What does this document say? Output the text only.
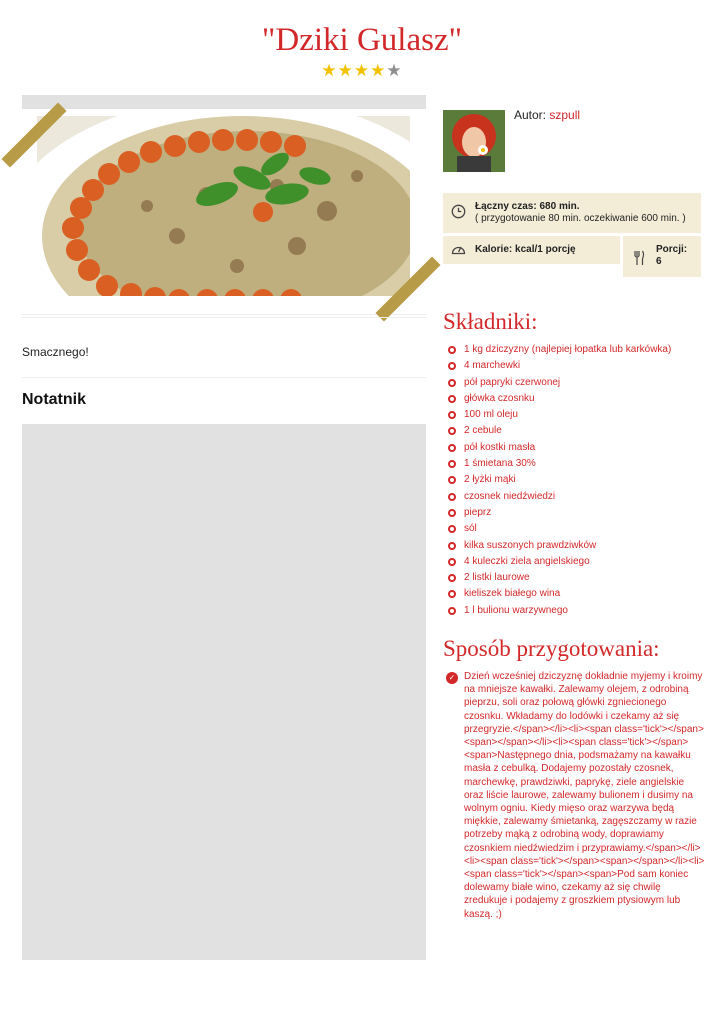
"Dziki Gulasz"
★★★★★
Smacznego!
Notatnik
Autor: szpull
Łączny czas: 680 min.
( przygotowanie 80 min. oczekiwanie 600 min. )
Kalorie: kcal/1 porcję	Porcji:
6
Składniki:
1 kg dziczyzny (najlepiej łopatka lub karkówka)
4 marchewki
pół papryki czerwonej
główka czosnku
100 ml oleju
2 cebule
pół kostki masła
1 śmietana 30%
2 łyżki mąki
czosnek niedźwiedzi
pieprz
sól
kilka suszonych prawdziwków
4 kuleczki ziela angielskiego
2 listki laurowe
kieliszek białego wina
1 l bulionu warzywnego
Sposób przygotowania:
✓ Dzień wcześniej dziczyznę dokładnie myjemy i kroimy na mniejsze kawałki. Zalewamy olejem, z odrobiną pieprzu, soli oraz połową główki zgniecionego czosnku. Wkładamy do lodówki i czekamy aż się przegryzie.</span></li><li><span class='tick'></span><span></span></li><li><span class='tick'></span><span>Następnego dnia, podsmażamy na kawałku masła z cebulką. Dodajemy pozostały czosnek, marchewkę, prawdziwki, paprykę, ziele angielskie oraz liście laurowe, zalewamy bulionem i dusimy na wolnym ogniu. Kiedy mięso oraz warzywa będą miękkie, zalewamy śmietanką, zagęszczamy w razie potrzeby mąką z odrobiną wody, doprawiamy czosnkiem niedźwiedzim i przyprawiamy.</span></li><li><span class='tick'></span><span></span></li><li><span class='tick'></span><span>Pod sam koniec dolewamy białe wino, czekamy aż się chwilę zredukuje i podajemy z groszkiem ptysiowym lub kaszą. ;)
